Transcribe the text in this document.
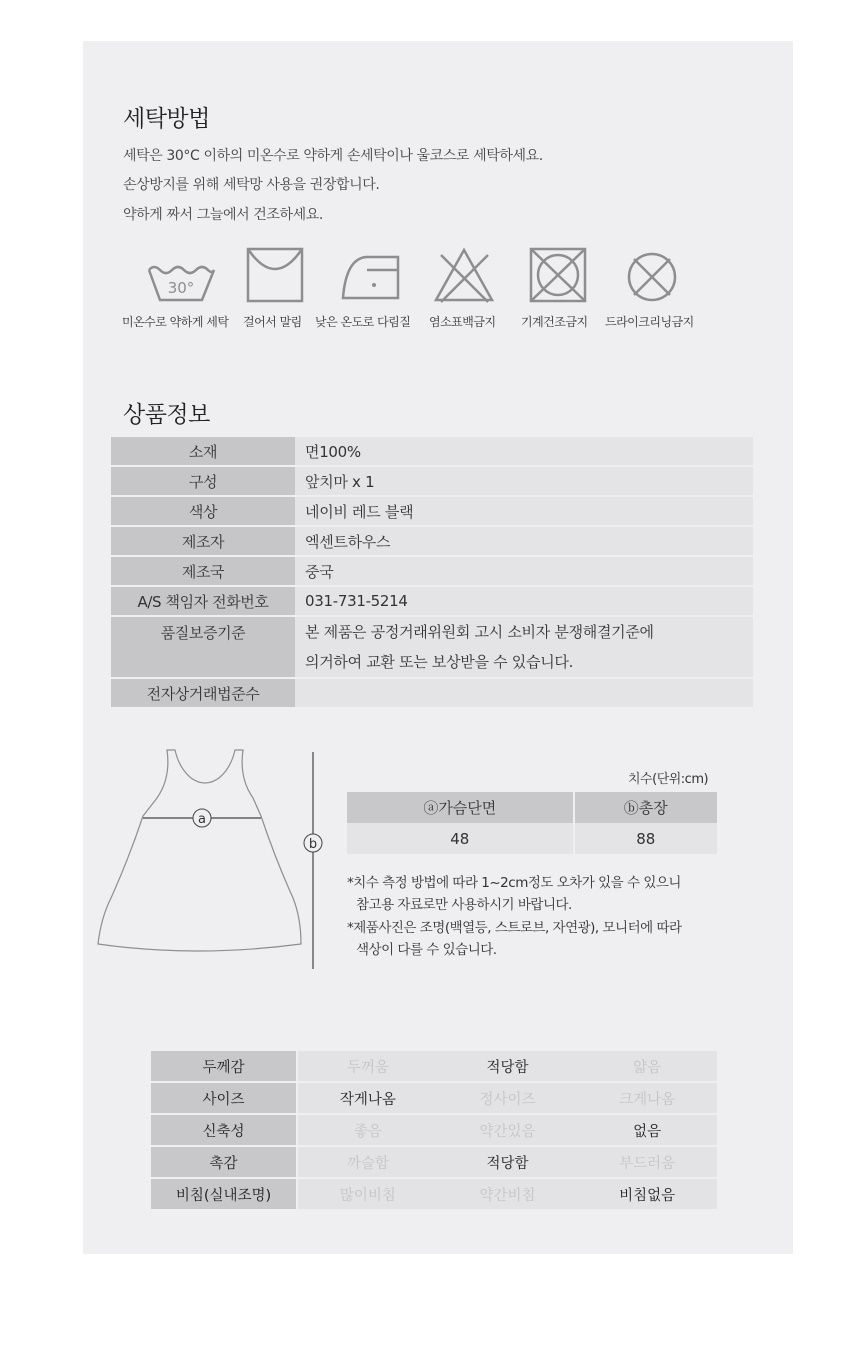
세탁방법
세탁은 30°C 이하의 미온수로 약하게 손세탁이나 울코스로 세탁하세요.
손상방지를 위해 세탁망 사용을 권장합니다.
약하게 짜서 그늘에서 건조하세요.
30°
미온수로 약하게 세탁 걸어서 말림 낮은 온도로 다림질 염소표백금지 기계건조금지 드라이크리닝금지
상품정보
소재	면100%
구성	앞치마 x 1
색상	네이비 레드 블랙
제조자	엑센트하우스
제조국	중국
A/S 책임자 전화번호	031-731-5214
품질보증기준	본 제품은 공정거래위원회 고시 소비자 분쟁해결기준에
의거하여 교환 또는 보상받을 수 있습니다.

전자상거래법준수	
a
b
치수(단위:cm)
ⓐ가슴단면	ⓑ총장
48	88
*치수 측정 방법에 따라 1~2cm정도 오차가 있을 수 있으니
참고용 자료로만 사용하시기 바랍니다.
*제품사진은 조명(백열등, 스트로브, 자연광), 모니터에 따라
색상이 다를 수 있습니다.
두께감	두꺼움	적당함	얇음
사이즈	작게나옴	정사이즈	크게나옴
신축성	좋음	약간있음	없음
촉감	까슬함	적당함	부드러움
비침(실내조명)	많이비침	약간비침	비침없음
